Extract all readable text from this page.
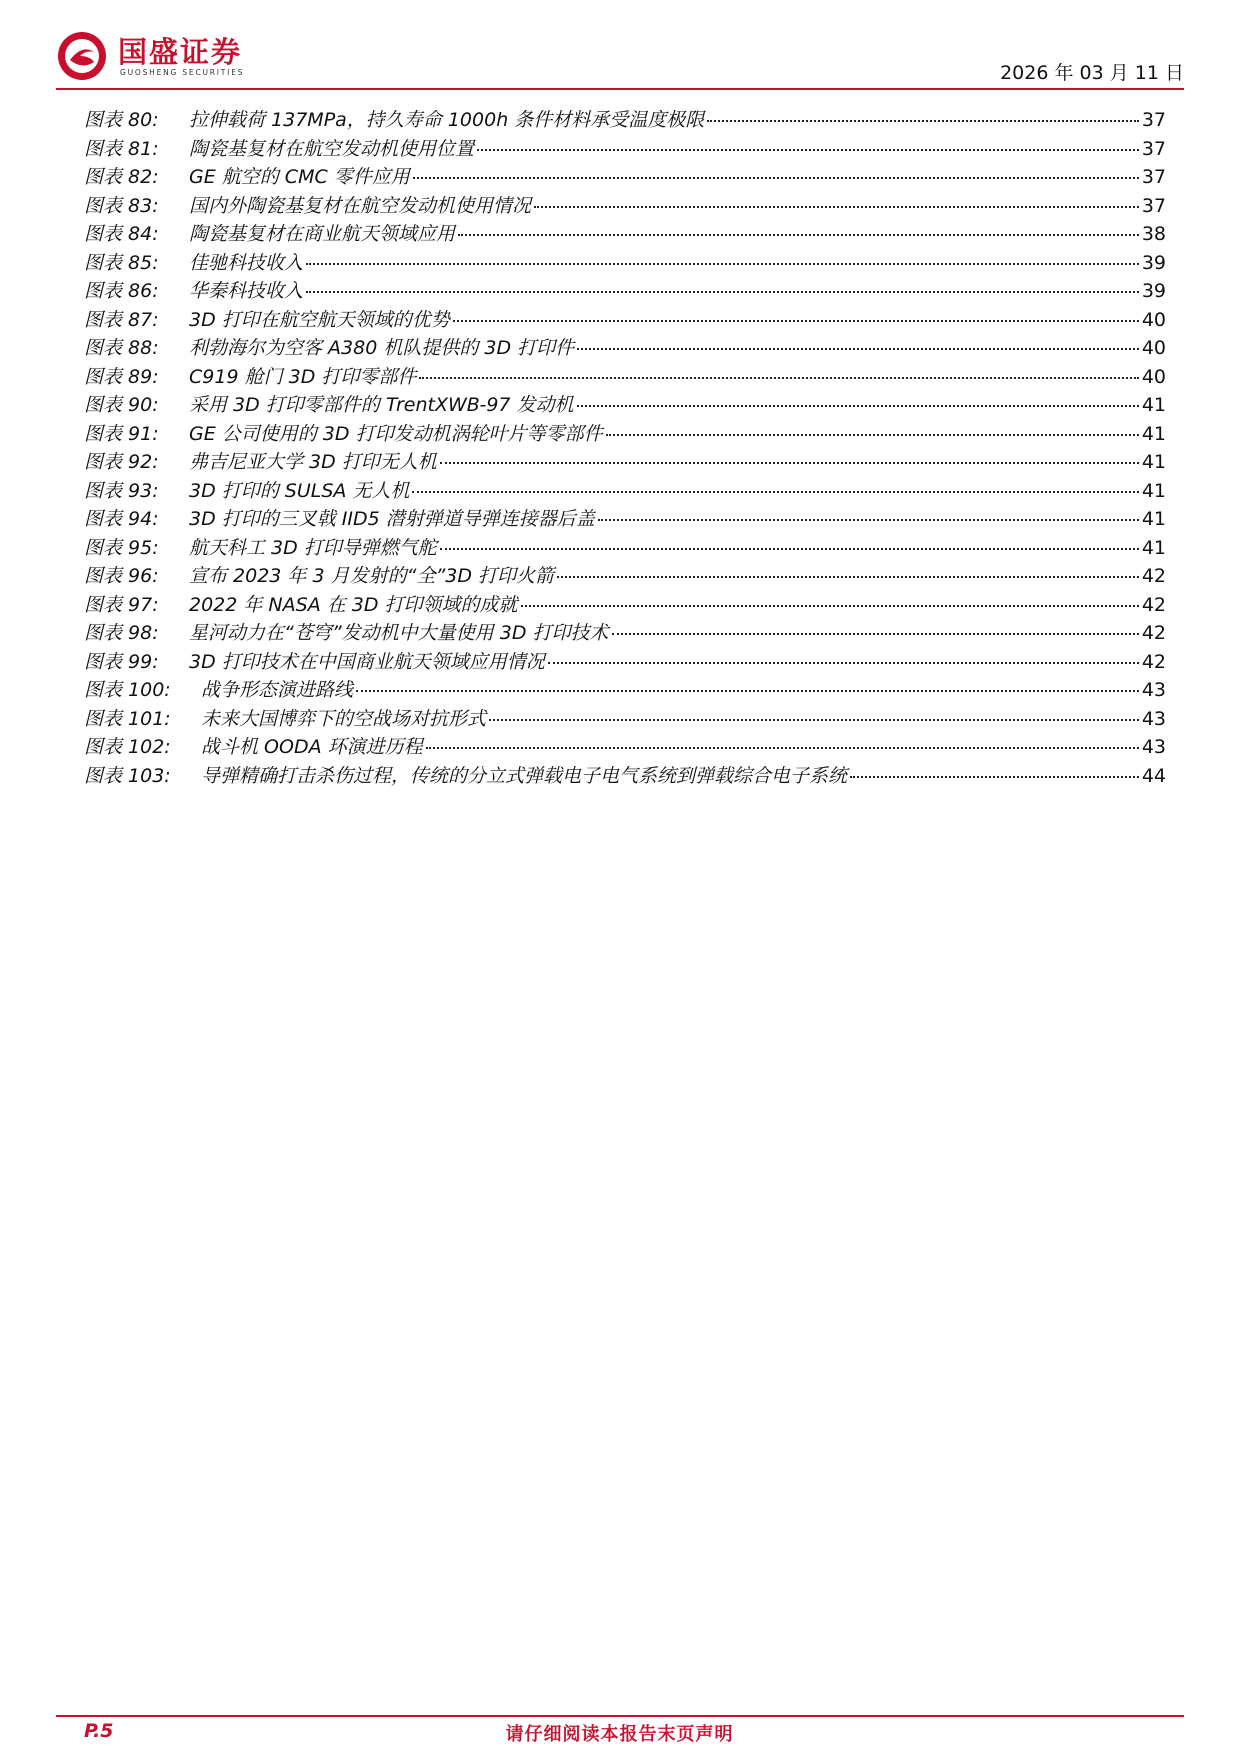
国盛证券
GUOSHENG SECURITIES	2026 年 03 月 11 日
图表 80:	拉伸载荷 137MPa，持久寿命 1000h 条件材料承受温度极限	37
图表 81:	陶瓷基复材在航空发动机使用位置	37
图表 82:	GE 航空的 CMC 零件应用	37
图表 83:	国内外陶瓷基复材在航空发动机使用情况	37
图表 84:	陶瓷基复材在商业航天领域应用	38
图表 85:	佳驰科技收入	39
图表 86:	华秦科技收入	39
图表 87:	3D 打印在航空航天领域的优势	40
图表 88:	利勃海尔为空客 A380 机队提供的 3D 打印件	40
图表 89:	C919 舱门 3D 打印零部件	40
图表 90:	采用 3D 打印零部件的 TrentXWB-97 发动机	41
图表 91:	GE 公司使用的 3D 打印发动机涡轮叶片等零部件	41
图表 92:	弗吉尼亚大学 3D 打印无人机	41
图表 93:	3D 打印的 SULSA 无人机	41
图表 94:	3D 打印的三叉戟 IID5 潜射弹道导弹连接器后盖	41
图表 95:	航天科工 3D 打印导弹燃气舵	41
图表 96:	宣布 2023 年 3 月发射的“全”3D 打印火箭	42
图表 97:	2022 年 NASA 在 3D 打印领域的成就	42
图表 98:	星河动力在“苍穹”发动机中大量使用 3D 打印技术	42
图表 99:	3D 打印技术在中国商业航天领域应用情况	42
图表 100:	战争形态演进路线	43
图表 101:	未来大国博弈下的空战场对抗形式	43
图表 102:	战斗机 OODA 环演进历程	43
图表 103:	导弹精确打击杀伤过程，传统的分立式弹载电子电气系统到弹载综合电子系统	44
P.5	请仔细阅读本报告末页声明
